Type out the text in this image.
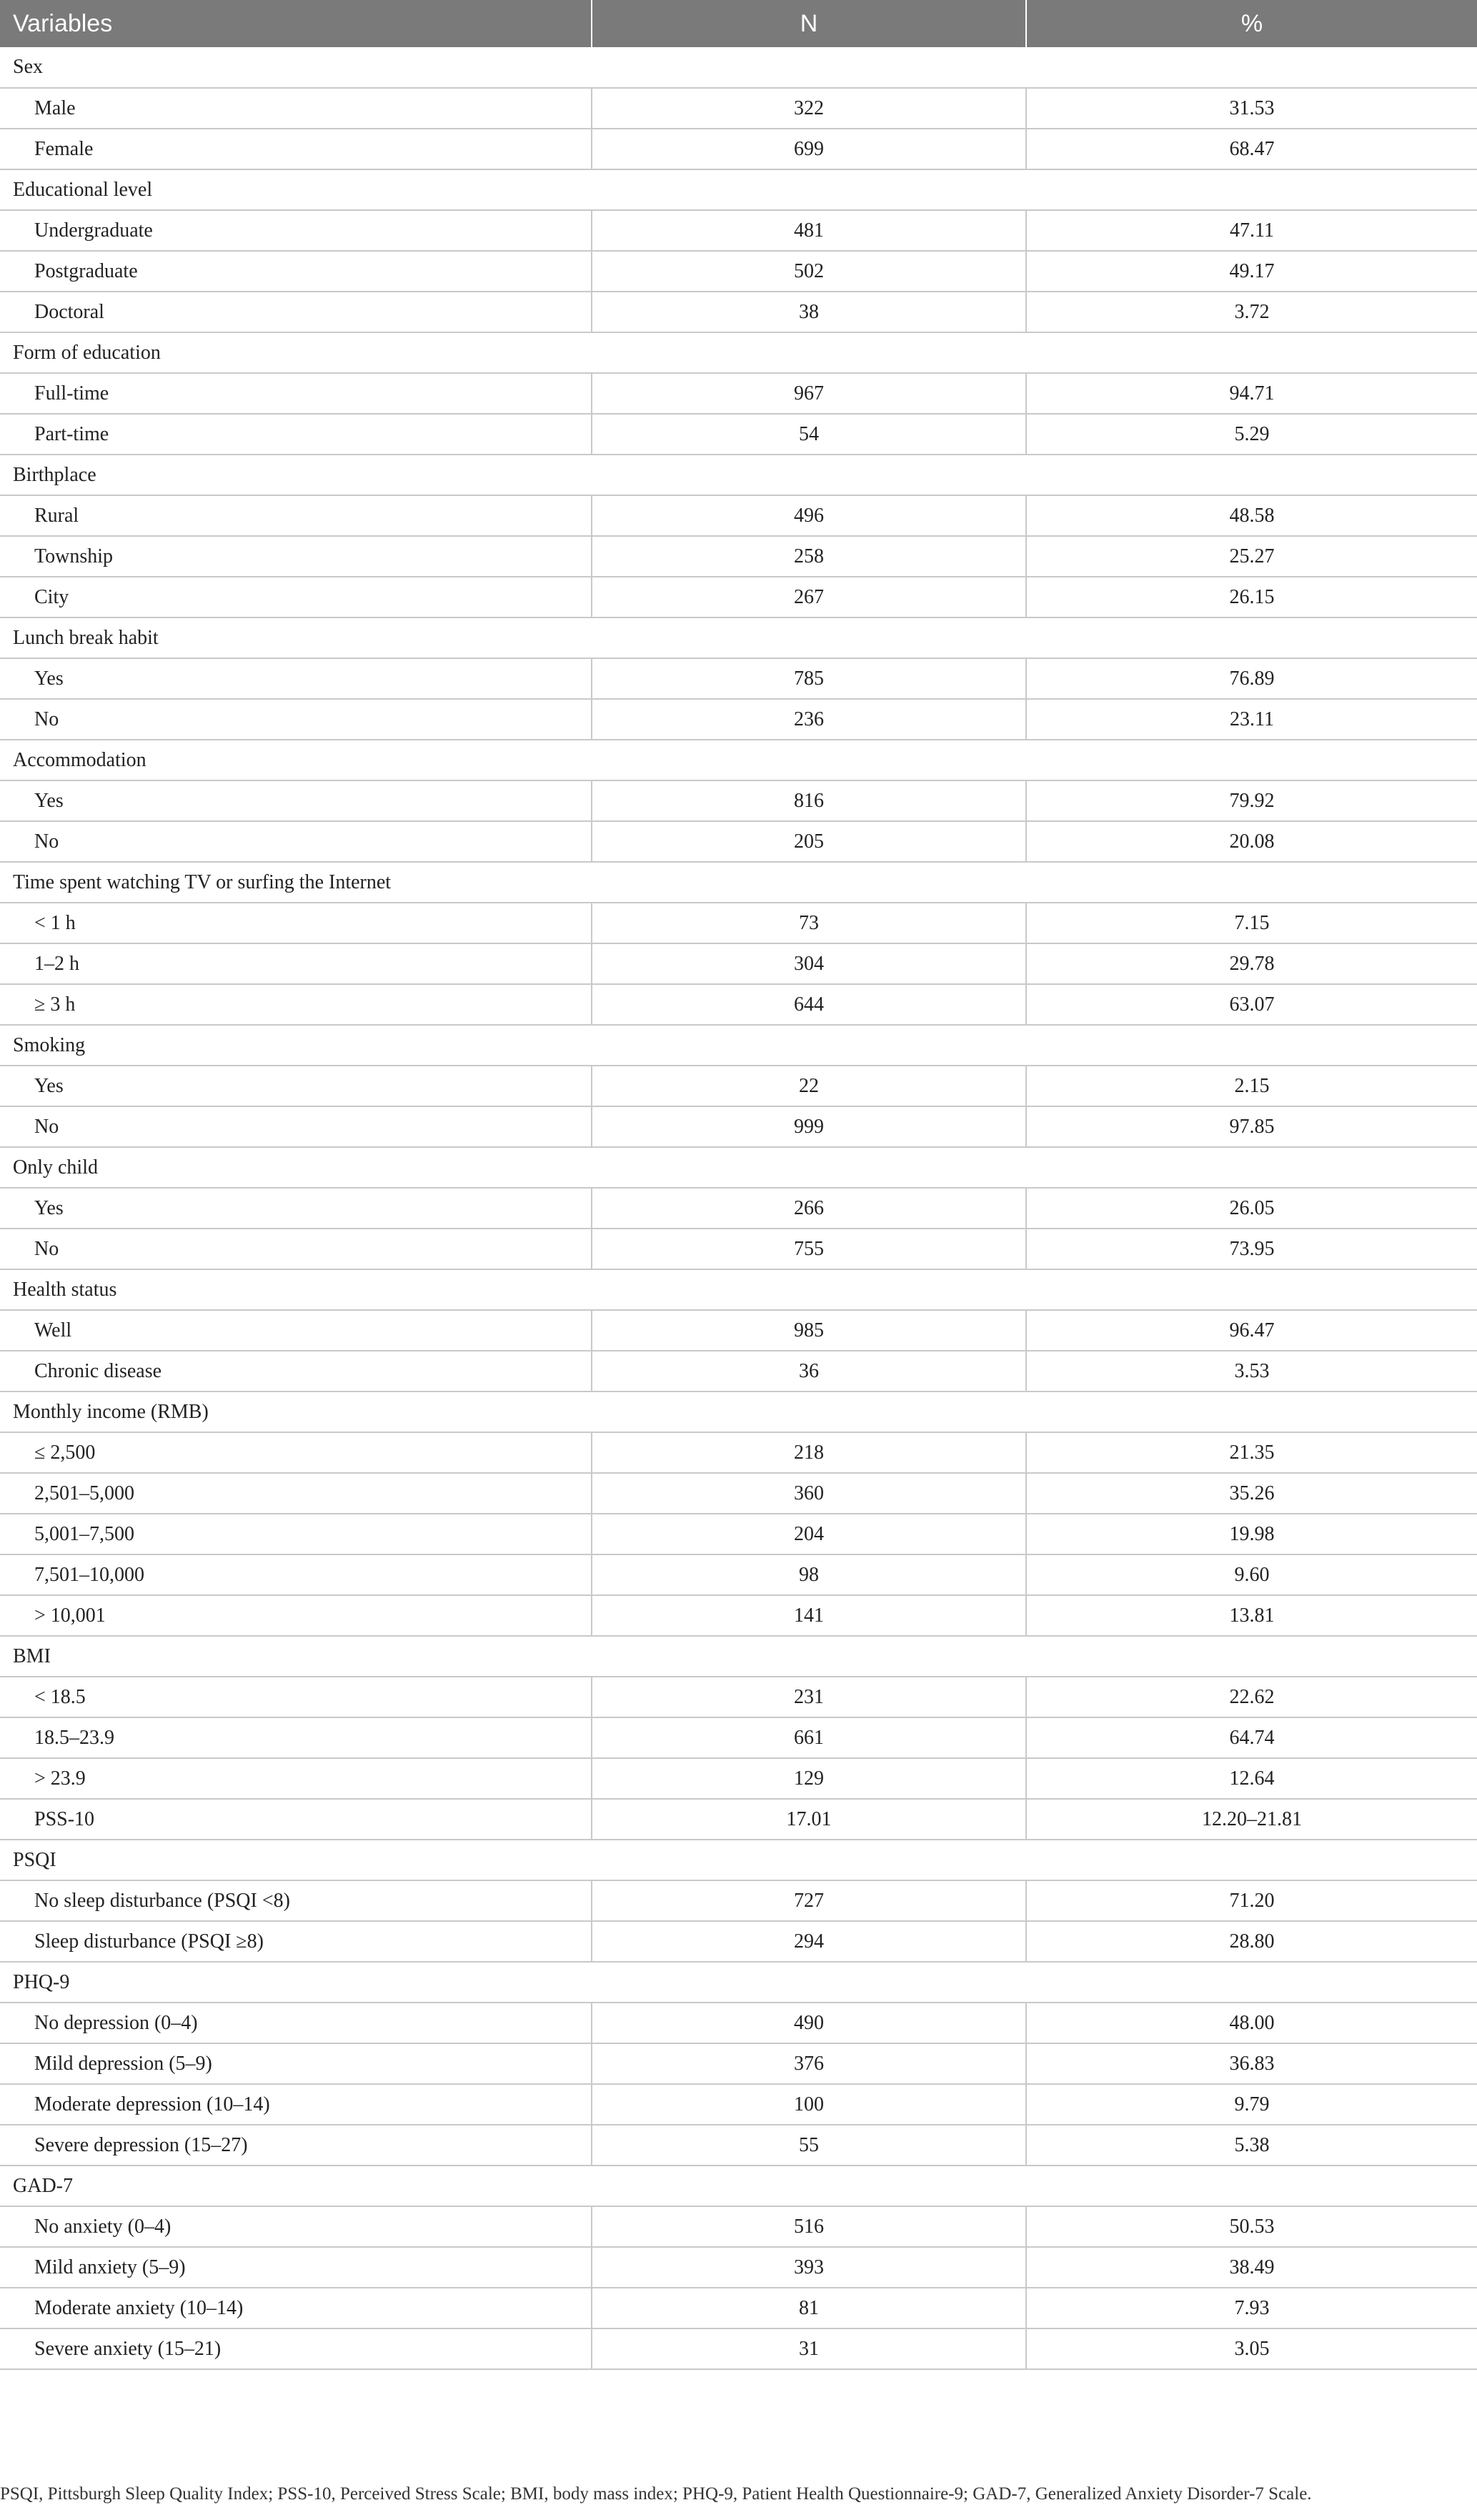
Variables	N	%
Sex		
Male	322	31.53
Female	699	68.47
Educational level		
Undergraduate	481	47.11
Postgraduate	502	49.17
Doctoral	38	3.72
Form of education		
Full-time	967	94.71
Part-time	54	5.29
Birthplace		
Rural	496	48.58
Township	258	25.27
City	267	26.15
Lunch break habit		
Yes	785	76.89
No	236	23.11
Accommodation		
Yes	816	79.92
No	205	20.08
Time spent watching TV or surfing the Internet		
< 1 h	73	7.15
1–2 h	304	29.78
≥ 3 h	644	63.07
Smoking		
Yes	22	2.15
No	999	97.85
Only child		
Yes	266	26.05
No	755	73.95
Health status		
Well	985	96.47
Chronic disease	36	3.53
Monthly income (RMB)		
≤ 2,500	218	21.35
2,501–5,000	360	35.26
5,001–7,500	204	19.98
7,501–10,000	98	9.60
> 10,001	141	13.81
BMI		
< 18.5	231	22.62
18.5–23.9	661	64.74
> 23.9	129	12.64
PSS-10	17.01	12.20–21.81
PSQI		
No sleep disturbance (PSQI <8)	727	71.20
Sleep disturbance (PSQI ≥8)	294	28.80
PHQ-9		
No depression (0–4)	490	48.00
Mild depression (5–9)	376	36.83
Moderate depression (10–14)	100	9.79
Severe depression (15–27)	55	5.38
GAD-7		
No anxiety (0–4)	516	50.53
Mild anxiety (5–9)	393	38.49
Moderate anxiety (10–14)	81	7.93
Severe anxiety (15–21)	31	3.05
PSQI, Pittsburgh Sleep Quality Index; PSS-10, Perceived Stress Scale; BMI, body mass index; PHQ-9, Patient Health Questionnaire-9; GAD-7, Generalized Anxiety Disorder-7 Scale.
